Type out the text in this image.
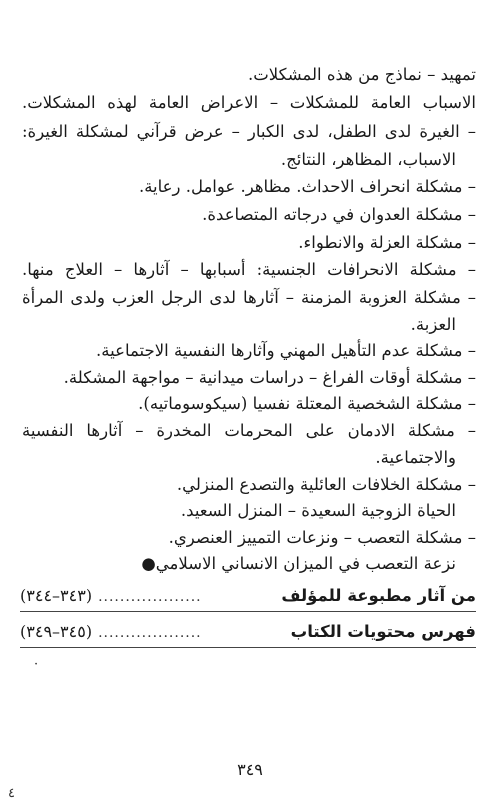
تمهيد – نماذج من هذه المشكلات.
الاسباب العامة للمشكلات – الاعراض العامة لهذه المشكلات.
– الغيرة لدى الطفل، لدى الكبار – عرض قرآني لمشكلة الغيرة:
الاسباب، المظاهر، النتائج.
– مشكلة انحراف الاحداث. مظاهر. عوامل. رعاية.
– مشكلة العدوان في درجاته المتصاعدة.
– مشكلة العزلة والانطواء.
– مشكلة الانحرافات الجنسية: أسبابها – آثارها – العلاج منها.
– مشكلة العزوبة المزمنة – آثارها لدى الرجل العزب ولدى المرأة
العزبة.
– مشكلة عدم التأهيل المهني وآثارها النفسية الاجتماعية.
– مشكلة أوقات الفراغ – دراسات ميدانية – مواجهة المشكلة.
– مشكلة الشخصية المعتلة نفسيا (سيكوسوماتيه).
– مشكلة الادمان على المحرمات المخدرة – آثارها النفسية
والاجتماعية.
– مشكلة الخلافات العائلية والتصدع المنزلي.
الحياة الزوجية السعيدة – المنزل السعيد.
– مشكلة التعصب – ونزعات التمييز العنصري.
نزعة التعصب في الميزان الانساني الاسلامي●
من آثار مطبوعة للمؤلف
...................
(٣٤٣–٣٤٤)
فهرس محتويات الكتاب
...................
(٣٤٥–٣٤٩)
·
٣٤٩
٤
